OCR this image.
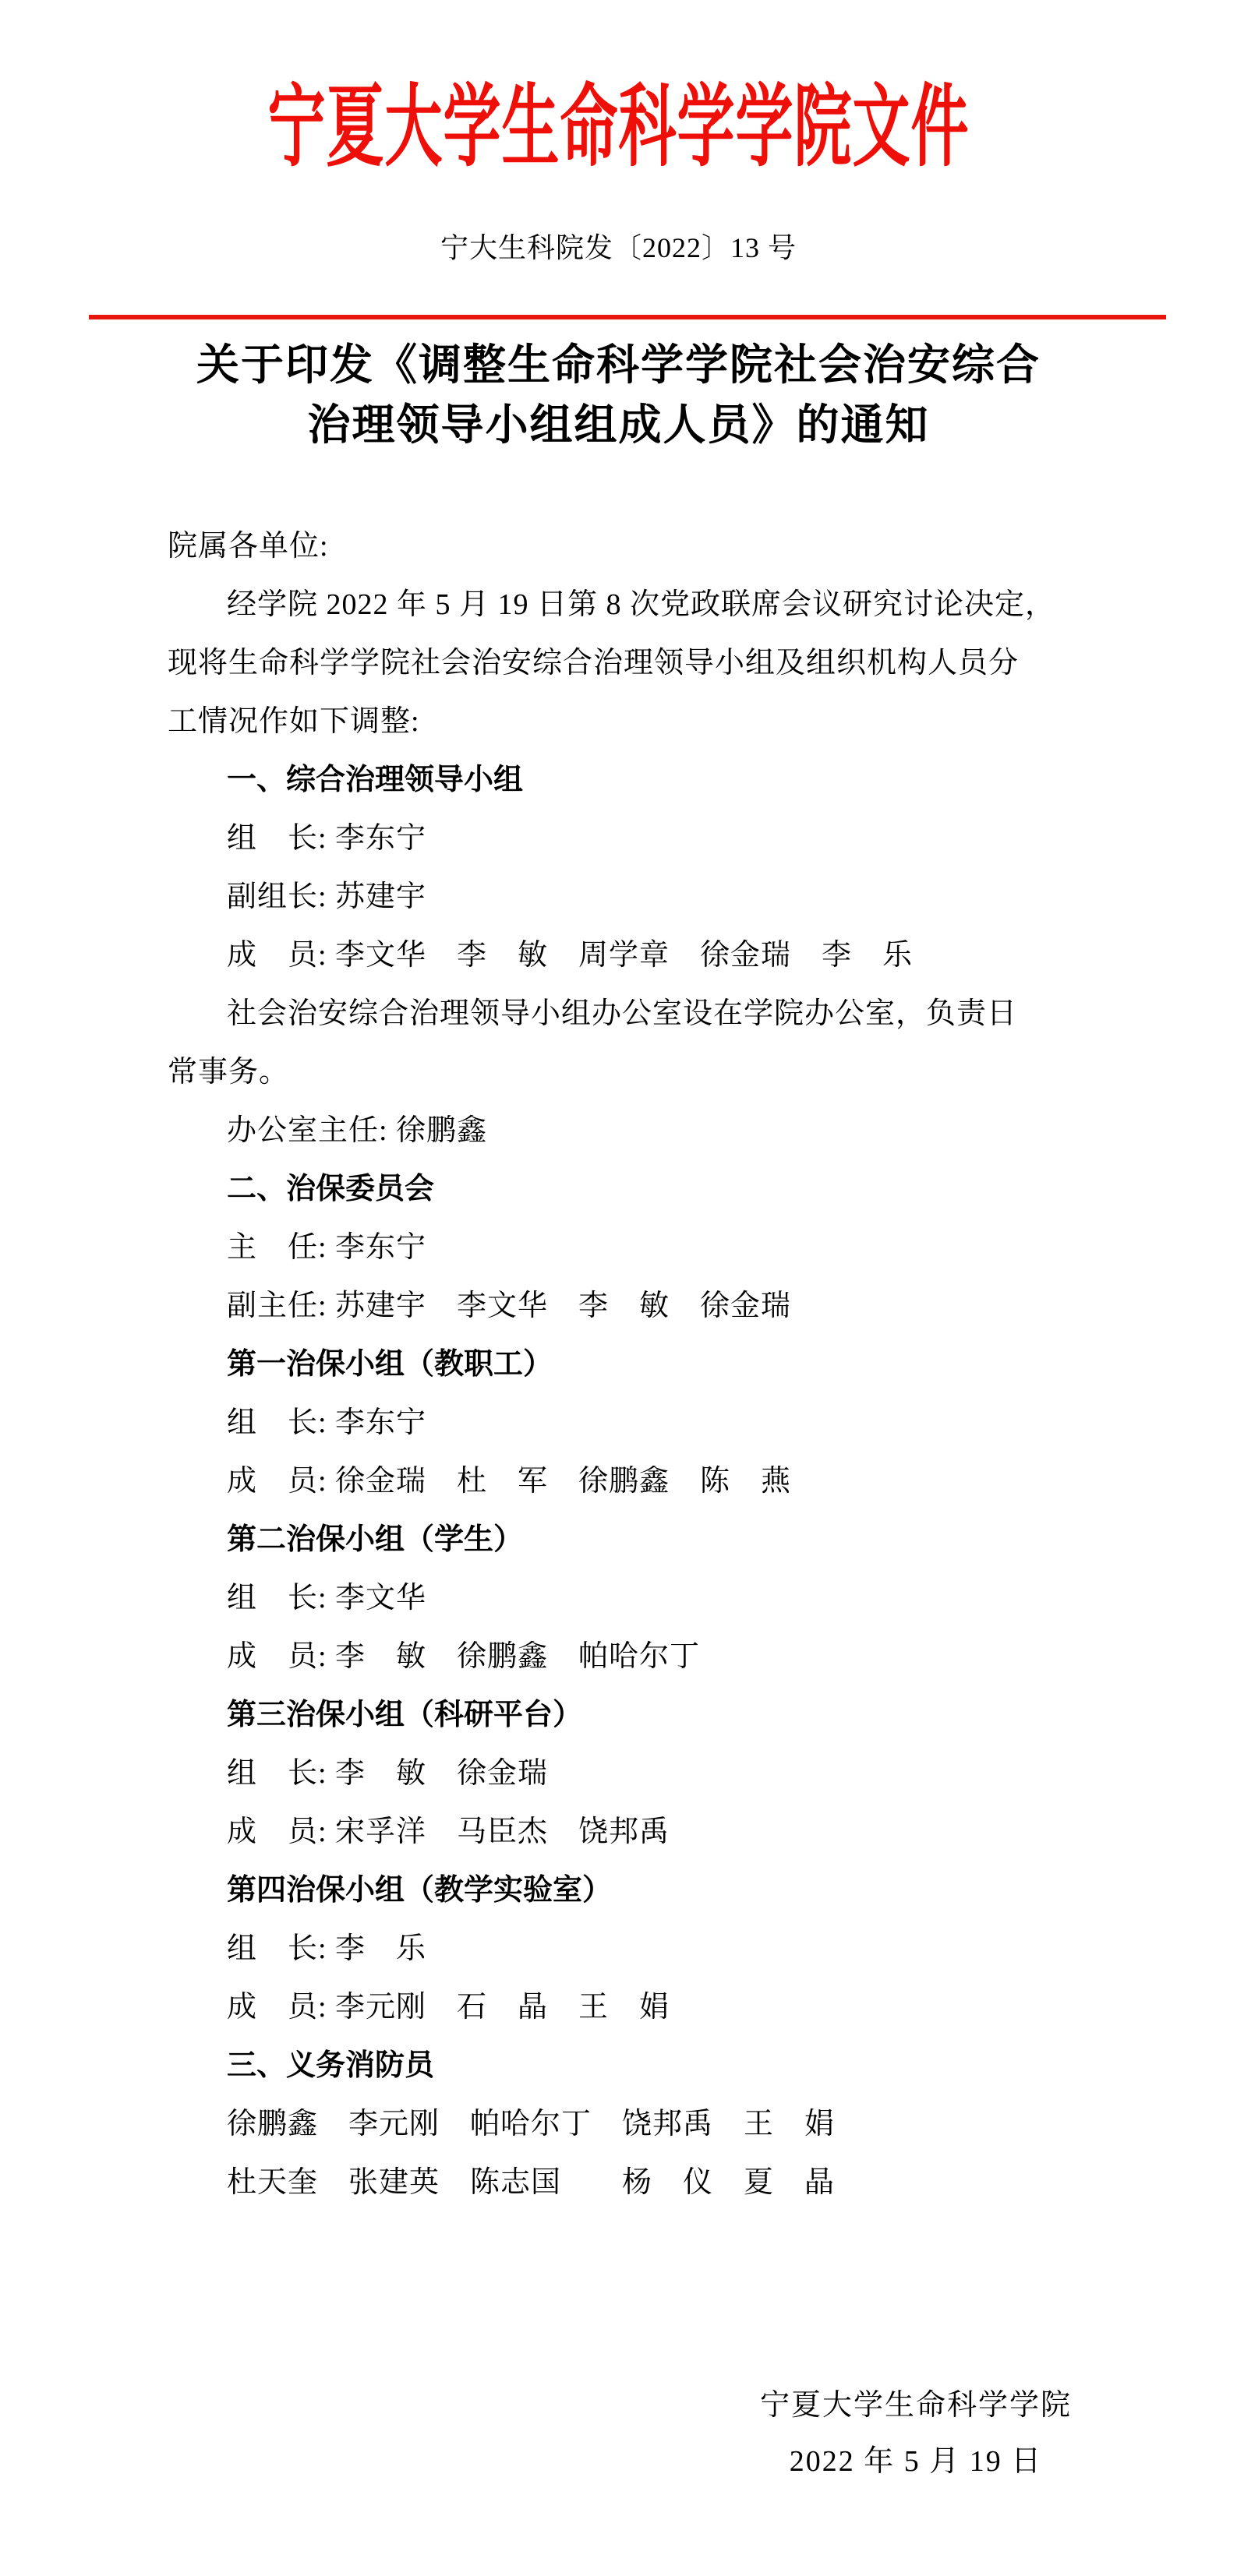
宁夏大学生命科学学院文件
宁大生科院发〔2022〕13 号
关于印发《调整生命科学学院社会治安综合
治理领导小组组成人员》的通知
院属各单位:
经学院 2022 年 5 月 19 日第 8 次党政联席会议研究讨论决定，
现将生命科学学院社会治安综合治理领导小组及组织机构人员分
工情况作如下调整:
一、综合治理领导小组
组　长: 李东宁
副组长: 苏建宇
成　员: 李文华　李　敏　周学章　徐金瑞　李　乐
社会治安综合治理领导小组办公室设在学院办公室，负责日
常事务。
办公室主任: 徐鹏鑫
二、治保委员会
主　任: 李东宁
副主任: 苏建宇　李文华　李　敏　徐金瑞
第一治保小组（教职工）
组　长: 李东宁
成　员: 徐金瑞　杜　军　徐鹏鑫　陈　燕
第二治保小组（学生）
组　长: 李文华
成　员: 李　敏　徐鹏鑫　帕哈尔丁
第三治保小组（科研平台）
组　长: 李　敏　徐金瑞
成　员: 宋孚洋　马臣杰　饶邦禹
第四治保小组（教学实验室）
组　长: 李　乐
成　员: 李元刚　石　晶　王　娟
三、义务消防员
徐鹏鑫　李元刚　帕哈尔丁　饶邦禹　王　娟
杜天奎　张建英　陈志国　　杨　仪　夏　晶
宁夏大学生命科学学院
2022 年 5 月 19 日
